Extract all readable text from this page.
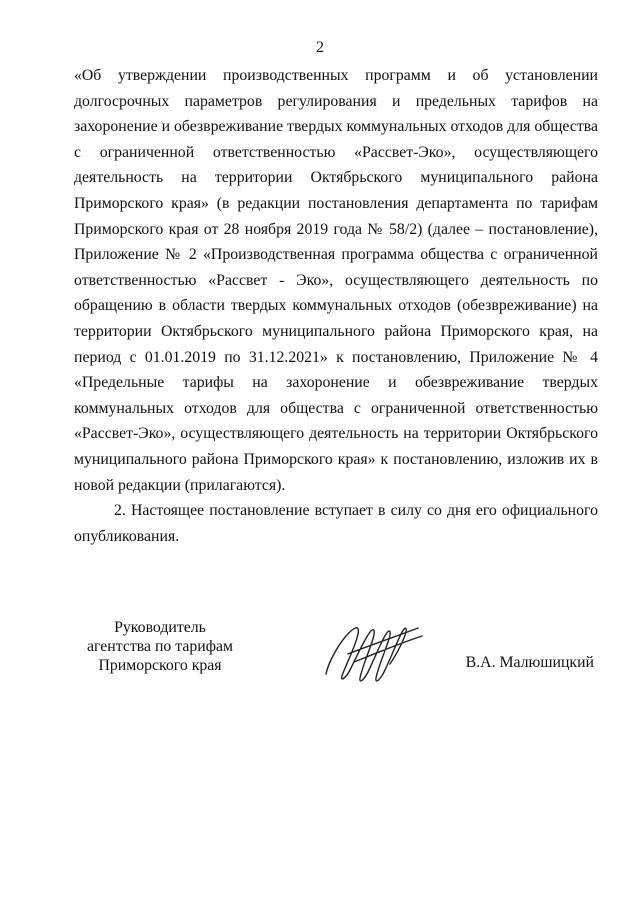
2

«Об утверждении производственных программ и об установлении долгосрочных параметров регулирования и предельных тарифов на захоронение и обезвреживание твердых коммунальных отходов для общества с ограниченной ответственностью «Рассвет-Эко», осуществляющего деятельность на территории Октябрьского муниципального района Приморского края» (в редакции постановления департамента по тарифам Приморского края от 28 ноября 2019 года № 58/2) (далее – постановление), Приложение № 2 «Производственная программа общества с ограниченной ответственностью «Рассвет - Эко», осуществляющего деятельность по обращению в области твердых коммунальных отходов (обезвреживание) на территории Октябрьского муниципального района Приморского края, на период с 01.01.2019 по 31.12.2021» к постановлению, Приложение № 4 «Предельные тарифы на захоронение и обезвреживание твердых коммунальных отходов для общества с ограниченной ответственностью «Рассвет-Эко», осуществляющего деятельность на территории Октябрьского муниципального района Приморского края» к постановлению, изложив их в новой редакции (прилагаются).

2. Настоящее постановление вступает в силу со дня его официального опубликования.

Руководитель
агентства по тарифам
Приморского края	В.А. Малюшицкий
